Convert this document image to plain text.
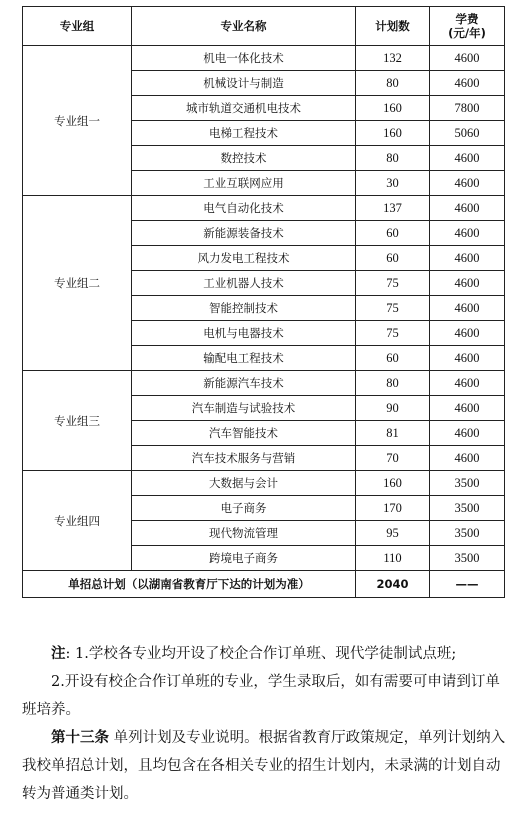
专业组	专业名称	计划数	学费
(元/年)

专业组一	机电一体化技术	132	4600
	机械设计与制造	80	4600
	城市轨道交通机电技术	160	7800
	电梯工程技术	160	5060
	数控技术	80	4600
	工业互联网应用	30	4600
专业组二	电气自动化技术	137	4600
	新能源装备技术	60	4600
	风力发电工程技术	60	4600
	工业机器人技术	75	4600
	智能控制技术	75	4600
	电机与电器技术	75	4600
	输配电工程技术	60	4600
专业组三	新能源汽车技术	80	4600
	汽车制造与试验技术	90	4600
	汽车智能技术	81	4600
	汽车技术服务与营销	70	4600
专业组四	大数据与会计	160	3500
	电子商务	170	3500
	现代物流管理	95	3500
	跨境电子商务	110	3500
单招总计划（以湖南省教育厅下达的计划为准）		2040	——

注: 1.学校各专业均开设了校企合作订单班、现代学徒制试点班;

2.开设有校企合作订单班的专业，学生录取后，如有需要可申请到订单班培养。

第十三条 单列计划及专业说明。根据省教育厅政策规定，单列计划纳入我校单招总计划，且均包含在各相关专业的招生计划内，未录满的计划自动转为普通类计划。
